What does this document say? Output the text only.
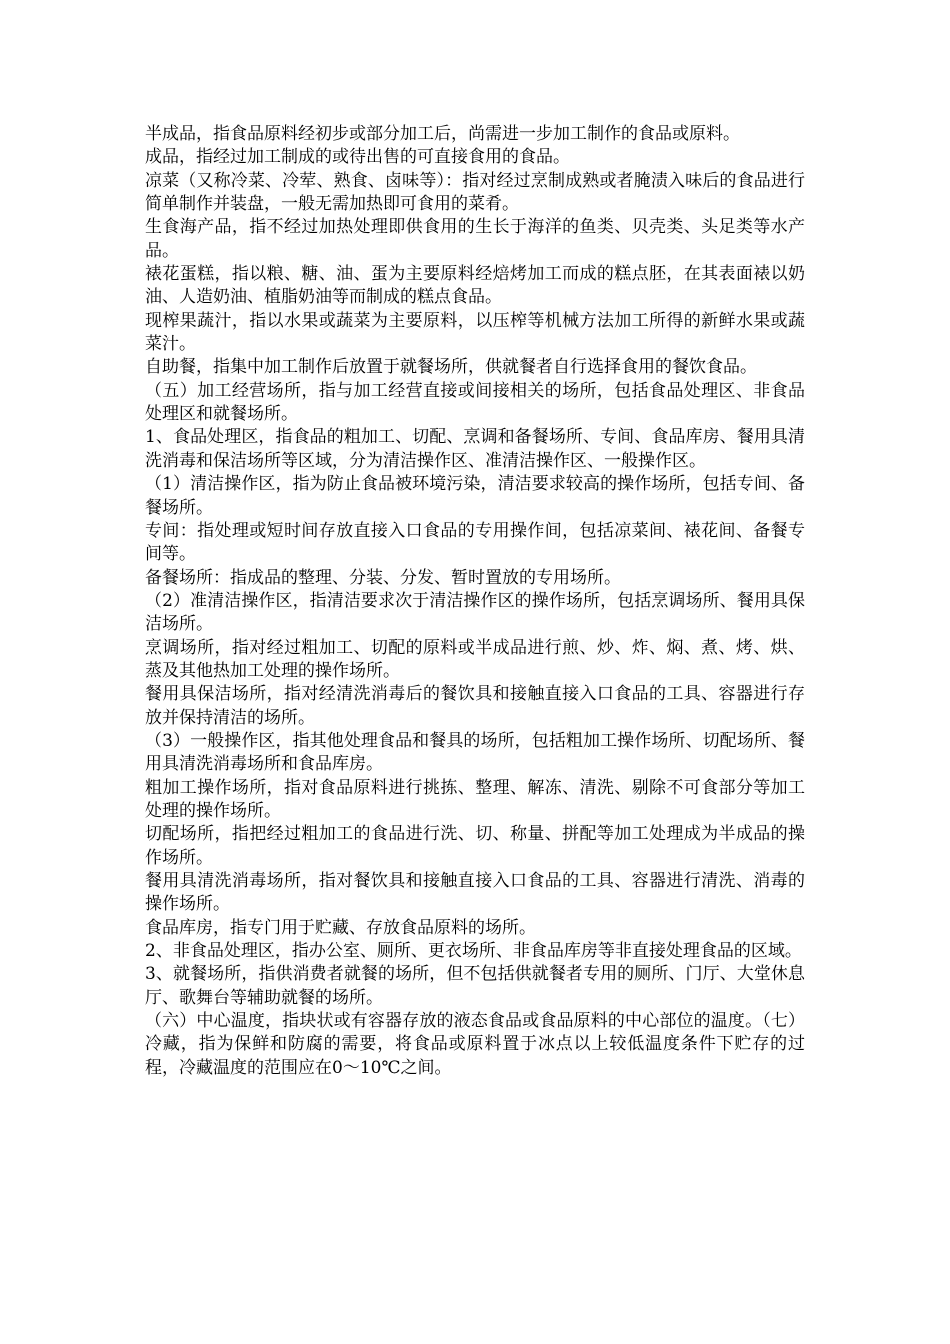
半成品，指食品原料经初步或部分加工后，尚需进一步加工制作的食品或原料。

成品，指经过加工制成的或待出售的可直接食用的食品。

凉菜（又称冷菜、冷荤、熟食、卤味等）：指对经过烹制成熟或者腌渍入味后的食品进行简单制作并装盘，一般无需加热即可食用的菜肴。

生食海产品，指不经过加热处理即供食用的生长于海洋的鱼类、贝壳类、头足类等水产品。

裱花蛋糕，指以粮、糖、油、蛋为主要原料经焙烤加工而成的糕点胚，在其表面裱以奶油、人造奶油、植脂奶油等而制成的糕点食品。

现榨果蔬汁，指以水果或蔬菜为主要原料，以压榨等机械方法加工所得的新鲜水果或蔬菜汁。

自助餐，指集中加工制作后放置于就餐场所，供就餐者自行选择食用的餐饮食品。

（五）加工经营场所，指与加工经营直接或间接相关的场所，包括食品处理区、非食品处理区和就餐场所。

1、食品处理区，指食品的粗加工、切配、烹调和备餐场所、专间、食品库房、餐用具清洗消毒和保洁场所等区域，分为清洁操作区、准清洁操作区、一般操作区。

（1）清洁操作区，指为防止食品被环境污染，清洁要求较高的操作场所，包括专间、备餐场所。

专间：指处理或短时间存放直接入口食品的专用操作间，包括凉菜间、裱花间、备餐专间等。

备餐场所：指成品的整理、分装、分发、暂时置放的专用场所。

（2）准清洁操作区，指清洁要求次于清洁操作区的操作场所，包括烹调场所、餐用具保洁场所。

烹调场所，指对经过粗加工、切配的原料或半成品进行煎、炒、炸、焖、煮、烤、烘、蒸及其他热加工处理的操作场所。

餐用具保洁场所，指对经清洗消毒后的餐饮具和接触直接入口食品的工具、容器进行存放并保持清洁的场所。

（3）一般操作区，指其他处理食品和餐具的场所，包括粗加工操作场所、切配场所、餐用具清洗消毒场所和食品库房。

粗加工操作场所，指对食品原料进行挑拣、整理、解冻、清洗、剔除不可食部分等加工处理的操作场所。

切配场所，指把经过粗加工的食品进行洗、切、称量、拼配等加工处理成为半成品的操作场所。

餐用具清洗消毒场所，指对餐饮具和接触直接入口食品的工具、容器进行清洗、消毒的操作场所。

食品库房，指专门用于贮藏、存放食品原料的场所。

2、非食品处理区，指办公室、厕所、更衣场所、非食品库房等非直接处理食品的区域。

3、就餐场所，指供消费者就餐的场所，但不包括供就餐者专用的厕所、门厅、大堂休息厅、歌舞台等辅助就餐的场所。

（六）中心温度，指块状或有容器存放的液态食品或食品原料的中心部位的温度。（七）冷藏，指为保鲜和防腐的需要，将食品或原料置于冰点以上较低温度条件下贮存的过程，冷藏温度的范围应在0～10℃之间。
